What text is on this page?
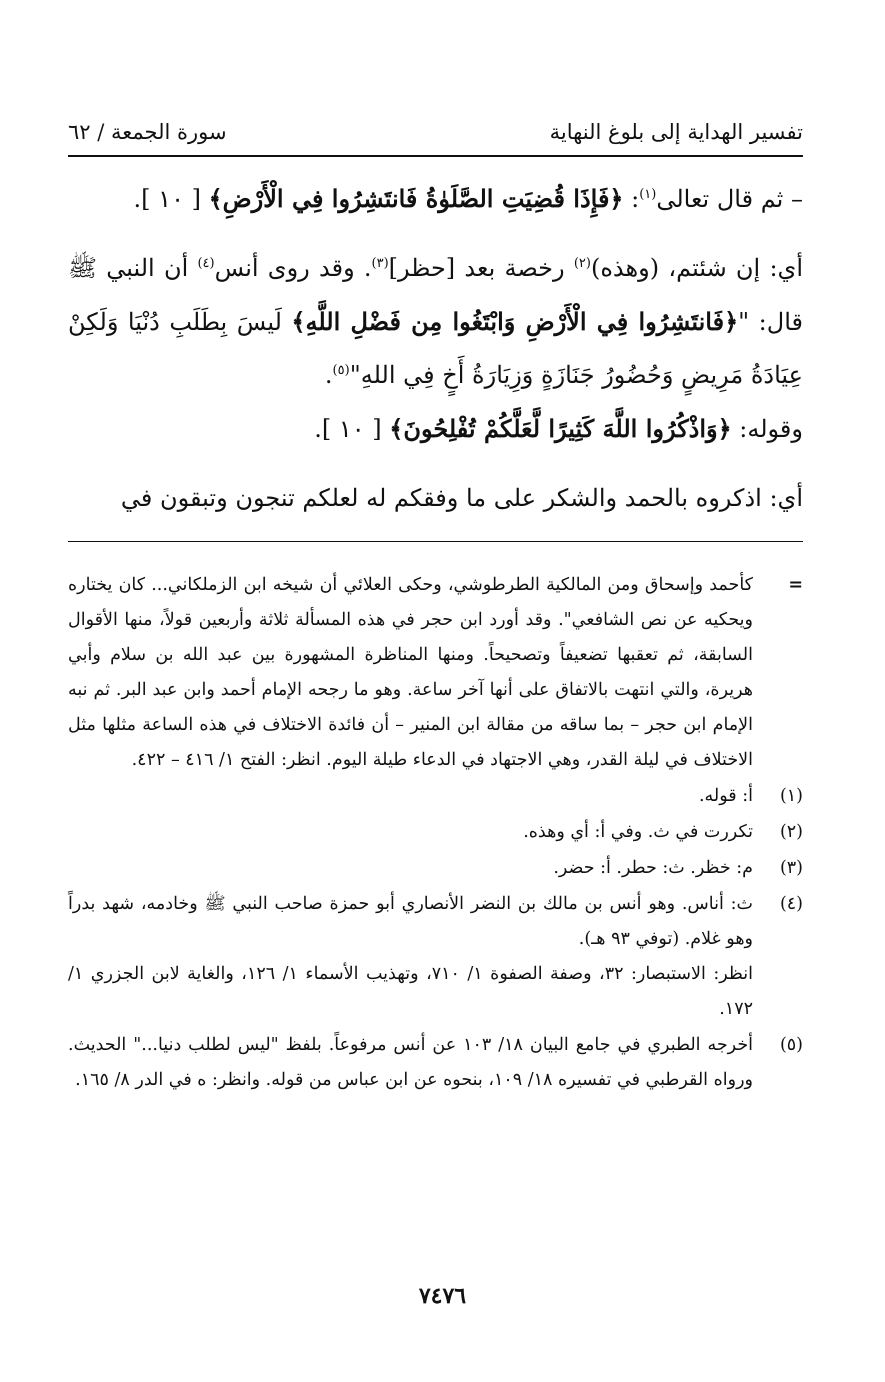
تفسير الهداية إلى بلوغ النهاية
سورة الجمعة / ٦٢

– ثم قال تعالى$^{(١)}$: ﴿فَإِذَا قُضِيَتِ الصَّلَوٰةُ فَانتَشِرُوا فِي الْأَرْضِ﴾ [ ١٠ ].

أي: إن شئتم، (وهذه)$^{(٢)}$ رخصة بعد [حظر]$^{(٣)}$. وقد روى أنس$^{(٤)}$ أن النبي ﷺ قال: "﴿فَانتَشِرُوا فِي الْأَرْضِ وَابْتَغُوا مِن فَضْلِ اللَّهِ﴾ لَيسَ بِطَلَبِ دُنْيَا وَلَكِنْ عِيَادَةُ مَرِيضٍ وَحُضُورُ جَنَازَةٍ وَزِيَارَةُ أَخٍ فِي اللهِ"$^{(٥)}$.

وقوله: ﴿وَاذْكُرُوا اللَّهَ كَثِيرًا لَّعَلَّكُمْ تُفْلِحُونَ﴾ [ ١٠ ].

أي: اذكروه بالحمد والشكر على ما وفقكم له لعلكم تنجون وتبقون في

=

كأحمد وإسحاق ومن المالكية الطرطوشي، وحكى العلائي أن شيخه ابن الزملكاني... كان يختاره ويحكيه عن نص الشافعي". وقد أورد ابن حجر في هذه المسألة ثلاثة وأربعين قولاً، منها الأقوال السابقة، ثم تعقبها تضعيفاً وتصحيحاً. ومنها المناظرة المشهورة بين عبد الله بن سلام وأبي هريرة، والتي انتهت بالاتفاق على أنها آخر ساعة. وهو ما رجحه الإمام أحمد وابن عبد البر. ثم نبه الإمام ابن حجر – بما ساقه من مقالة ابن المنير – أن فائدة الاختلاف في هذه الساعة مثلها مثل الاختلاف في ليلة القدر، وهي الاجتهاد في الدعاء طيلة اليوم. انظر: الفتح ١/ ٤١٦ – ٤٢٢.

(١)

أ: قوله.

(٢)

تكررت في ث. وفي أ: أي وهذه.

(٣)

م: خظر. ث: حطر. أ: حضر.

(٤)

ث: أناس. وهو أنس بن مالك بن النضر الأنصاري أبو حمزة صاحب النبي ﷺ وخادمه، شهد بدراً وهو غلام. (توفي ٩٣ هـ).

انظر: الاستبصار: ٣٢، وصفة الصفوة ١/ ٧١٠، وتهذيب الأسماء ١/ ١٢٦، والغاية لابن الجزري ١/ ١٧٢.

(٥)

أخرجه الطبري في جامع البيان ١٨/ ١٠٣ عن أنس مرفوعاً. بلفظ "ليس لطلب دنيا..." الحديث. ورواه القرطبي في تفسيره ١٨/ ١٠٩، بنحوه عن ابن عباس من قوله. وانظر: ه في الدر ٨/ ١٦٥.

٧٤٧٦
